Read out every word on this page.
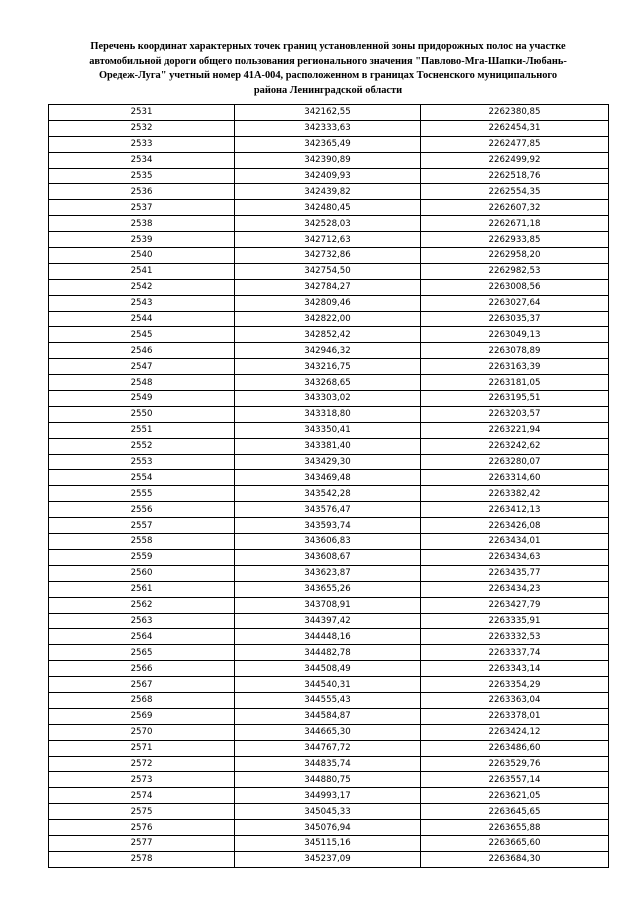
Перечень координат характерных точек границ установленной зоны придорожных полос на участке
автомобильной дороги общего пользования регионального значения "Павлово-Мга-Шапки-Любань-
Оредеж-Луга" учетный номер 41А-004, расположенном в границах Тосненского муниципального
района Ленинградской области
2531	342162,55	2262380,85
2532	342333,63	2262454,31
2533	342365,49	2262477,85
2534	342390,89	2262499,92
2535	342409,93	2262518,76
2536	342439,82	2262554,35
2537	342480,45	2262607,32
2538	342528,03	2262671,18
2539	342712,63	2262933,85
2540	342732,86	2262958,20
2541	342754,50	2262982,53
2542	342784,27	2263008,56
2543	342809,46	2263027,64
2544	342822,00	2263035,37
2545	342852,42	2263049,13
2546	342946,32	2263078,89
2547	343216,75	2263163,39
2548	343268,65	2263181,05
2549	343303,02	2263195,51
2550	343318,80	2263203,57
2551	343350,41	2263221,94
2552	343381,40	2263242,62
2553	343429,30	2263280,07
2554	343469,48	2263314,60
2555	343542,28	2263382,42
2556	343576,47	2263412,13
2557	343593,74	2263426,08
2558	343606,83	2263434,01
2559	343608,67	2263434,63
2560	343623,87	2263435,77
2561	343655,26	2263434,23
2562	343708,91	2263427,79
2563	344397,42	2263335,91
2564	344448,16	2263332,53
2565	344482,78	2263337,74
2566	344508,49	2263343,14
2567	344540,31	2263354,29
2568	344555,43	2263363,04
2569	344584,87	2263378,01
2570	344665,30	2263424,12
2571	344767,72	2263486,60
2572	344835,74	2263529,76
2573	344880,75	2263557,14
2574	344993,17	2263621,05
2575	345045,33	2263645,65
2576	345076,94	2263655,88
2577	345115,16	2263665,60
2578	345237,09	2263684,30
